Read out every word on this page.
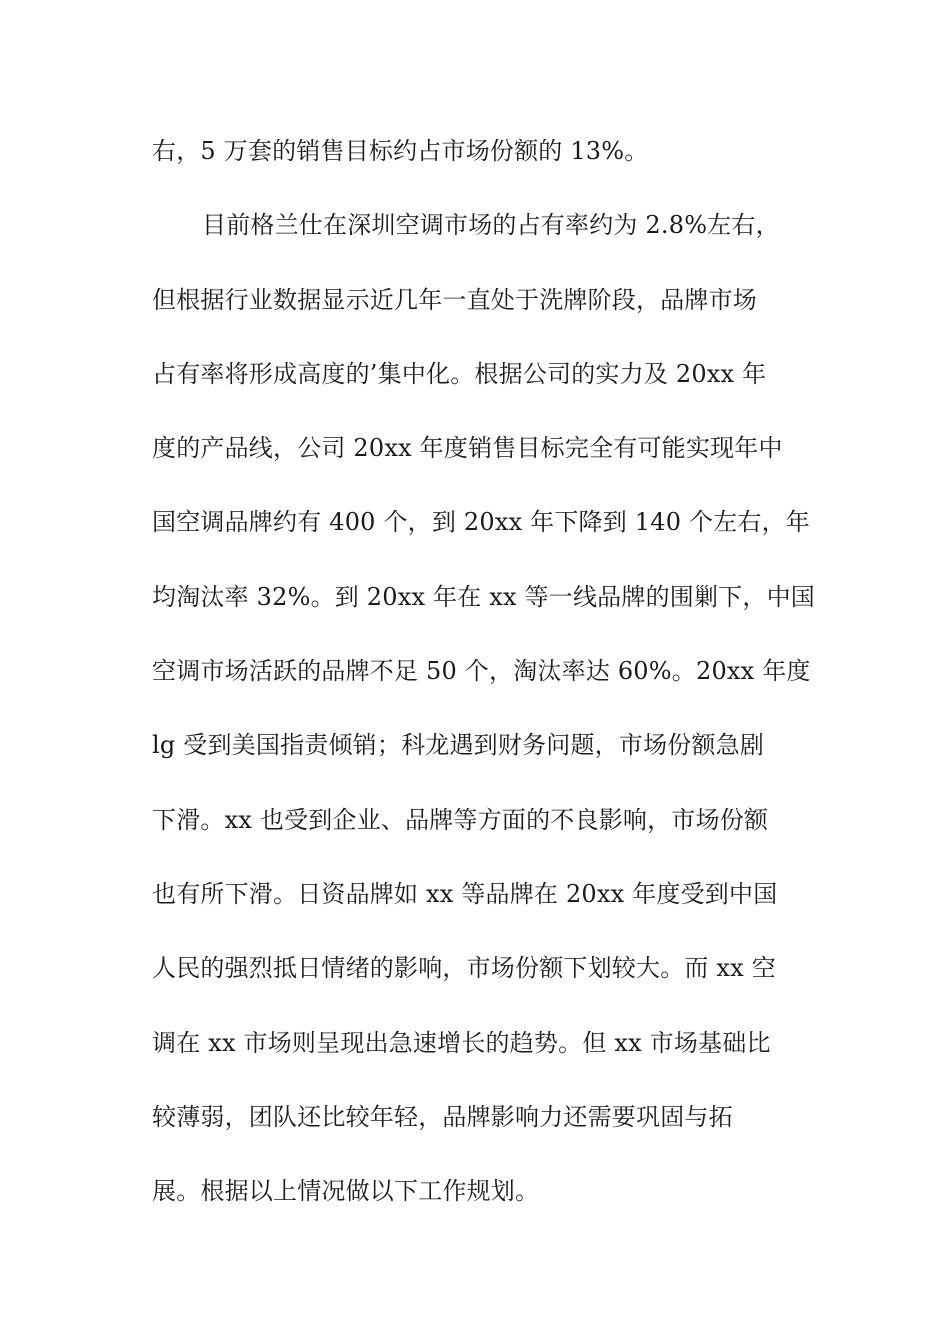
右，5 万套的销售目标约占市场份额的 13%。
目前格兰仕在深圳空调市场的占有率约为 2.8%左右，
但根据行业数据显示近几年一直处于洗牌阶段，品牌市场
占有率将形成高度的’集中化。根据公司的实力及 20xx 年
度的产品线，公司 20xx 年度销售目标完全有可能实现年中
国空调品牌约有 400 个，到 20xx 年下降到 140 个左右，年
均淘汰率 32%。到 20xx 年在 xx 等一线品牌的围剿下，中国
空调市场活跃的品牌不足 50 个，淘汰率达 60%。20xx 年度
lg 受到美国指责倾销；科龙遇到财务问题，市场份额急剧
下滑。xx 也受到企业、品牌等方面的不良影响，市场份额
也有所下滑。日资品牌如 xx 等品牌在 20xx 年度受到中国
人民的强烈抵日情绪的影响，市场份额下划较大。而 xx 空
调在 xx 市场则呈现出急速增长的趋势。但 xx 市场基础比
较薄弱，团队还比较年轻，品牌影响力还需要巩固与拓
展。根据以上情况做以下工作规划。
